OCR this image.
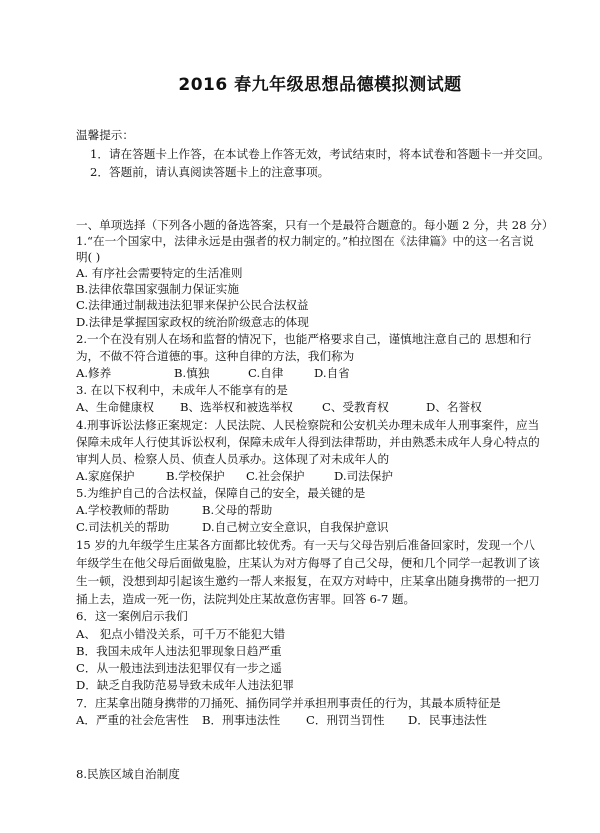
2016 春九年级思想品德模拟测试题
温馨提示：
1．请在答题卡上作答，在本试卷上作答无效，考试结束时，将本试卷和答题卡一并交回。
2．答题前，请认真阅读答题卡上的注意事项。
一、单项选择（下列各小题的备选答案，只有一个是最符合题意的。每小题 2 分，共 28 分）
1.“在一个国家中，法律永远是由强者的权力制定的。”柏拉图在《法律篇》中的这一名言说
明( )
A. 有序社会需要特定的生活准则
B.法律依靠国家强制力保证实施
C.法律通过制裁违法犯罪来保护公民合法权益
D.法律是掌握国家政权的统治阶级意志的体现
2.一个在没有别人在场和监督的情况下，也能严格要求自己，谨慎地注意自己的 思想和行
为，不做不符合道德的事。这种自律的方法，我们称为
A.修养	B.慎独	C.自律	D.自省
3. 在以下权利中，未成年人不能享有的是
A、生命健康权 B、选举权和被选举权	C、受教育权	D、名誉权
4.刑事诉讼法修正案规定：人民法院、人民检察院和公安机关办理未成年人刑事案件，应当
保障未成年人行使其诉讼权利，保障未成年人得到法律帮助，并由熟悉未成年人身心特点的
审判人员、检察人员、侦查人员承办。这体现了对未成年人的
A.家庭保护	B.学校保护 C.社会保护	D.司法保护
5.为维护自己的合法权益，保障自己的安全，最关键的是
A.学校教师的帮助	B.父母的帮助
C.司法机关的帮助	D.自己树立安全意识，自我保护意识
15 岁的九年级学生庄某各方面都比较优秀。有一天与父母告别后准备回家时，发现一个八
年级学生在他父母后面做鬼脸，庄某认为对方侮辱了自己父母，便和几个同学一起教训了该
生一顿，没想到却引起该生邀约一帮人来报复，在双方对峙中，庄某拿出随身携带的一把刀
捅上去，造成一死一伤，法院判处庄某故意伤害罪。回答 6-7 题。
6．这一案例启示我们
A、 犯点小错没关系，可千万不能犯大错
B．我国未成年人违法犯罪现象日趋严重
C．从一般违法到违法犯罪仅有一步之遥
D．缺乏自我防范易导致未成年人违法犯罪
7．庄某拿出随身携带的刀捅死、捅伤同学并承担刑事责任的行为，其最本质特征是
A．严重的社会危害性 B．刑事违法性 C．刑罚当罚性 D．民事违法性
8.民族区域自治制度
